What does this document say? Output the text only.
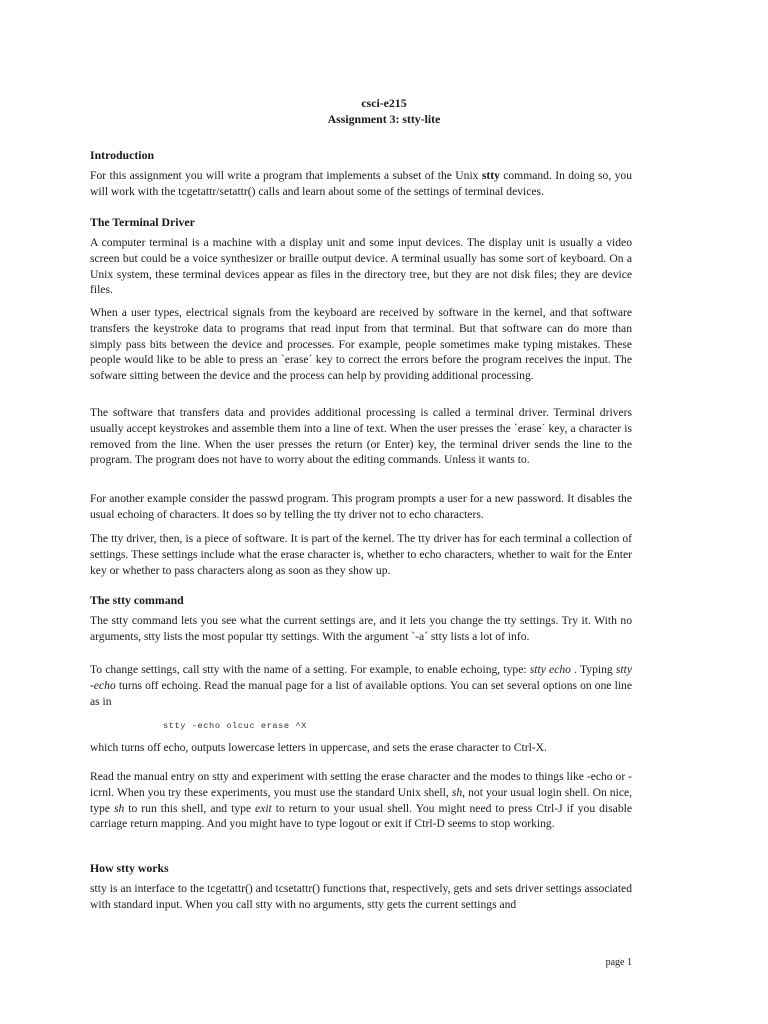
csci-e215
Assignment 3: stty-lite
Introduction

For this assignment you will write a program that implements a subset of the Unix stty command. In doing so, you will work with the tcgetattr/setattr() calls and learn about some of the settings of terminal devices.

The Terminal Driver

A computer terminal is a machine with a display unit and some input devices. The display unit is usually a video screen but could be a voice synthesizer or braille output device. A terminal usually has some sort of keyboard. On a Unix system, these terminal devices appear as files in the directory tree, but they are not disk files; they are device files.

When a user types, electrical signals from the keyboard are received by software in the kernel, and that software transfers the keystroke data to programs that read input from that terminal. But that software can do more than simply pass bits between the device and processes. For example, people sometimes make typing mistakes. These people would like to be able to press an `erase´ key to correct the errors before the program receives the input. The sofware sitting between the device and the process can help by providing additional processing.

The software that transfers data and provides additional processing is called a terminal driver. Terminal drivers usually accept keystrokes and assemble them into a line of text. When the user presses the `erase´ key, a character is removed from the line. When the user presses the return (or Enter) key, the terminal driver sends the line to the program. The program does not have to worry about the editing commands. Unless it wants to.

For another example consider the passwd program. This program prompts a user for a new password. It disables the usual echoing of characters. It does so by telling the tty driver not to echo characters.

The tty driver, then, is a piece of software. It is part of the kernel. The tty driver has for each terminal a collection of settings. These settings include what the erase character is, whether to echo characters, whether to wait for the Enter key or whether to pass characters along as soon as they show up.

The stty command

The stty command lets you see what the current settings are, and it lets you change the tty settings. Try it. With no arguments, stty lists the most popular tty settings. With the argument `-a´ stty lists a lot of info.

To change settings, call stty with the name of a setting. For example, to enable echoing, type: stty echo . Typing stty -echo turns off echoing. Read the manual page for a list of available options. You can set several options on one line as in

stty -echo olcuc erase ^X

which turns off echo, outputs lowercase letters in uppercase, and sets the erase character to Ctrl-X.

Read the manual entry on stty and experiment with setting the erase character and the modes to things like -echo or -icrnl. When you try these experiments, you must use the standard Unix shell, sh, not your usual login shell. On nice, type sh to run this shell, and type exit to return to your usual shell. You might need to press Ctrl-J if you disable carriage return mapping. And you might have to type logout or exit if Ctrl-D seems to stop working.

How stty works

stty is an interface to the tcgetattr() and tcsetattr() functions that, respectively, gets and sets driver settings associated with standard input. When you call stty with no arguments, stty gets the current settings and

page 1
